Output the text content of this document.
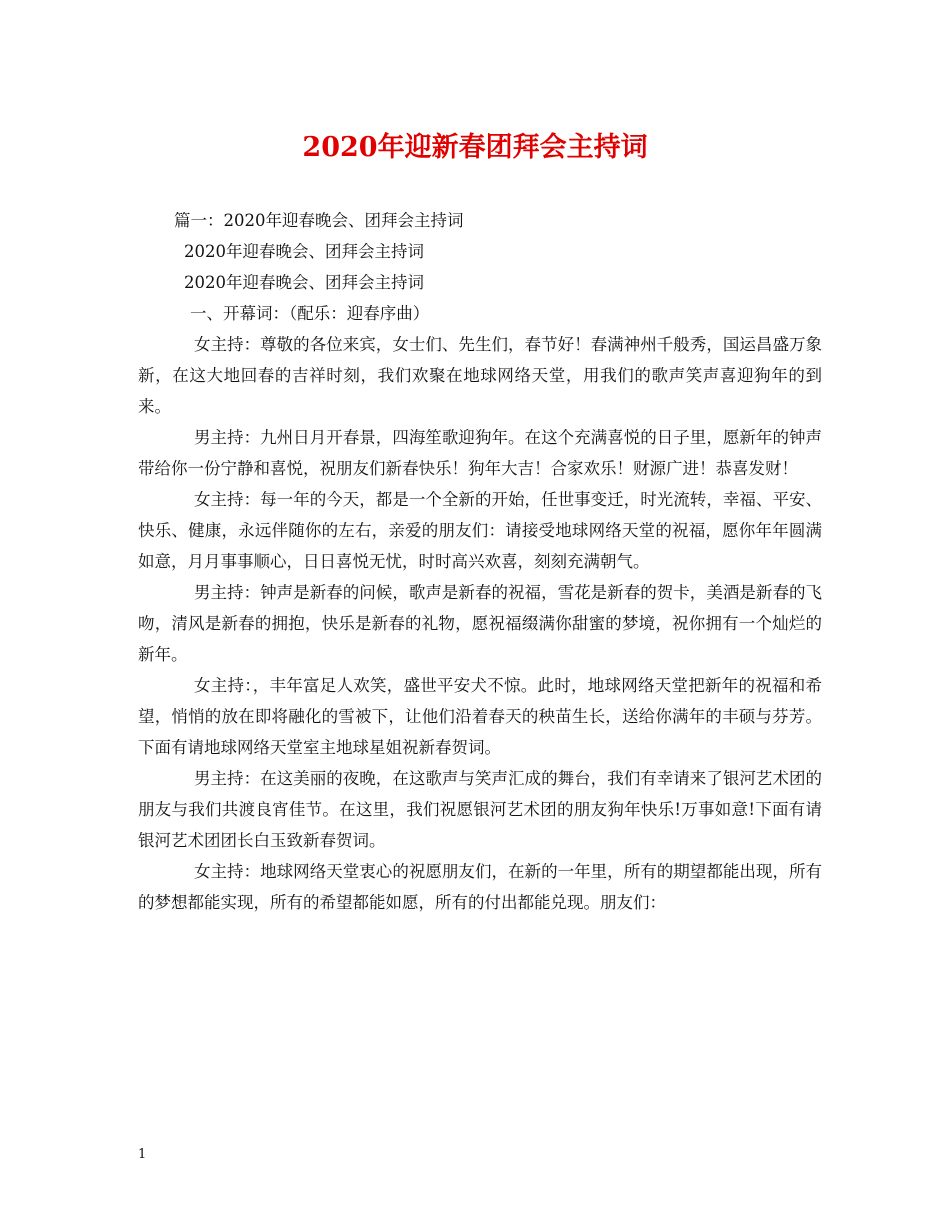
2020年迎新春团拜会主持词

篇一：2020年迎春晚会、团拜会主持词

2020年迎春晚会、团拜会主持词

2020年迎春晚会、团拜会主持词

一、开幕词：（配乐：迎春序曲）

女主持：尊敬的各位来宾，女士们、先生们，春节好！春满神州千般秀，国运昌盛万象新，在这大地回春的吉祥时刻，我们欢聚在地球网络天堂，用我们的歌声笑声喜迎狗年的到来。

男主持：九州日月开春景，四海笙歌迎狗年。在这个充满喜悦的日子里，愿新年的钟声带给你一份宁静和喜悦，祝朋友们新春快乐！狗年大吉！合家欢乐！财源广进！恭喜发财！

女主持：每一年的今天，都是一个全新的开始，任世事变迁，时光流转，幸福、平安、快乐、健康，永远伴随你的左右，亲爱的朋友们：请接受地球网络天堂的祝福，愿你年年圆满如意，月月事事顺心，日日喜悦无忧，时时高兴欢喜，刻刻充满朝气。

男主持：钟声是新春的问候，歌声是新春的祝福，雪花是新春的贺卡，美酒是新春的飞吻，清风是新春的拥抱，快乐是新春的礼物，愿祝福缀满你甜蜜的梦境，祝你拥有一个灿烂的新年。

女主持：，丰年富足人欢笑，盛世平安犬不惊。此时，地球网络天堂把新年的祝福和希望，悄悄的放在即将融化的雪被下，让他们沿着春天的秧苗生长，送给你满年的丰硕与芬芳。下面有请地球网络天堂室主地球星姐祝新春贺词。

男主持：在这美丽的夜晚，在这歌声与笑声汇成的舞台，我们有幸请来了银河艺术团的朋友与我们共渡良宵佳节。在这里，我们祝愿银河艺术团的朋友狗年快乐!万事如意!下面有请银河艺术团团长白玉致新春贺词。

女主持：地球网络天堂衷心的祝愿朋友们，在新的一年里，所有的期望都能出现，所有的梦想都能实现，所有的希望都能如愿，所有的付出都能兑现。朋友们：

1
